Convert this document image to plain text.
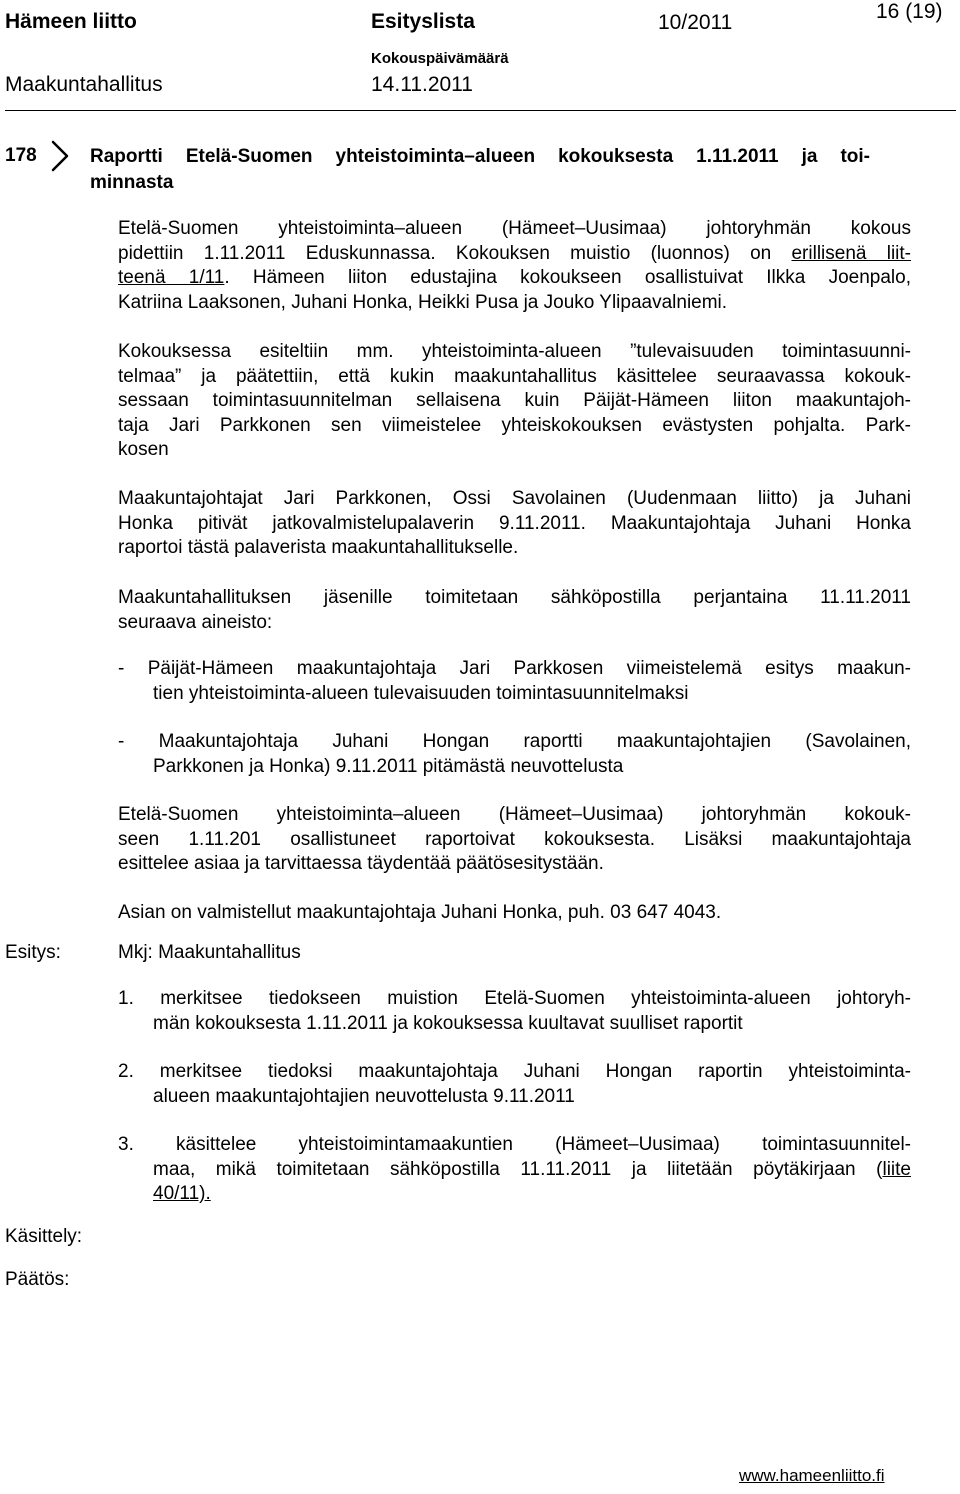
Hämeen liitto	Esityslista	10/2011	16 (19)
Kokouspäivämäärä
Maakuntahallitus	14.11.2011
178	Raportti Etelä-Suomen yhteistoiminta–alueen kokouksesta 1.11.2011 ja toi-
minnasta
Etelä-Suomen yhteistoiminta–alueen (Hämeet–Uusimaa) johtoryhmän kokous
pidettiin 1.11.2011 Eduskunnassa. Kokouksen muistio (luonnos) on erillisenä liit-
teenä 1/11. Hämeen liiton edustajina kokoukseen osallistuivat Ilkka Joenpalo,
Katriina Laaksonen, Juhani Honka, Heikki Pusa ja Jouko Ylipaavalniemi.
Kokouksessa esiteltiin mm. yhteistoiminta-alueen ”tulevaisuuden toimintasuunni-
telmaa” ja päätettiin, että kukin maakuntahallitus käsittelee seuraavassa kokouk-
sessaan toimintasuunnitelman sellaisena kuin Päijät-Hämeen liiton maakuntajoh-
taja Jari Parkkonen sen viimeistelee yhteiskokouksen evästysten pohjalta. Park-
kosen
Maakuntajohtajat Jari Parkkonen, Ossi Savolainen (Uudenmaan liitto) ja Juhani
Honka pitivät jatkovalmistelupalaverin 9.11.2011. Maakuntajohtaja Juhani Honka
raportoi tästä palaverista maakuntahallitukselle.
Maakuntahallituksen jäsenille toimitetaan sähköpostilla perjantaina 11.11.2011
seuraava aineisto:
- Päijät-Hämeen maakuntajohtaja Jari Parkkosen viimeistelemä esitys maakun-
tien yhteistoiminta-alueen tulevaisuuden toimintasuunnitelmaksi
- Maakuntajohtaja Juhani Hongan raportti maakuntajohtajien (Savolainen,
Parkkonen ja Honka) 9.11.2011 pitämästä neuvottelusta
Etelä-Suomen yhteistoiminta–alueen (Hämeet–Uusimaa) johtoryhmän kokouk-
seen 1.11.201 osallistuneet raportoivat kokouksesta. Lisäksi maakuntajohtaja
esittelee asiaa ja tarvittaessa täydentää päätösesitystään.
Asian on valmistellut maakuntajohtaja Juhani Honka, puh. 03 647 4043.
Esitys:	Mkj: Maakuntahallitus
1. merkitsee tiedokseen muistion Etelä-Suomen yhteistoiminta-alueen johtoryh-
män kokouksesta 1.11.2011 ja kokouksessa kuultavat suulliset raportit
2. merkitsee tiedoksi maakuntajohtaja Juhani Hongan raportin yhteistoiminta-
alueen maakuntajohtajien neuvottelusta 9.11.2011
3. käsittelee yhteistoimintamaakuntien (Hämeet–Uusimaa) toimintasuunnitel-
maa, mikä toimitetaan sähköpostilla 11.11.2011 ja liitetään pöytäkirjaan (liite
40/11).
Käsittely:
Päätös:
www.hameenliitto.fi
